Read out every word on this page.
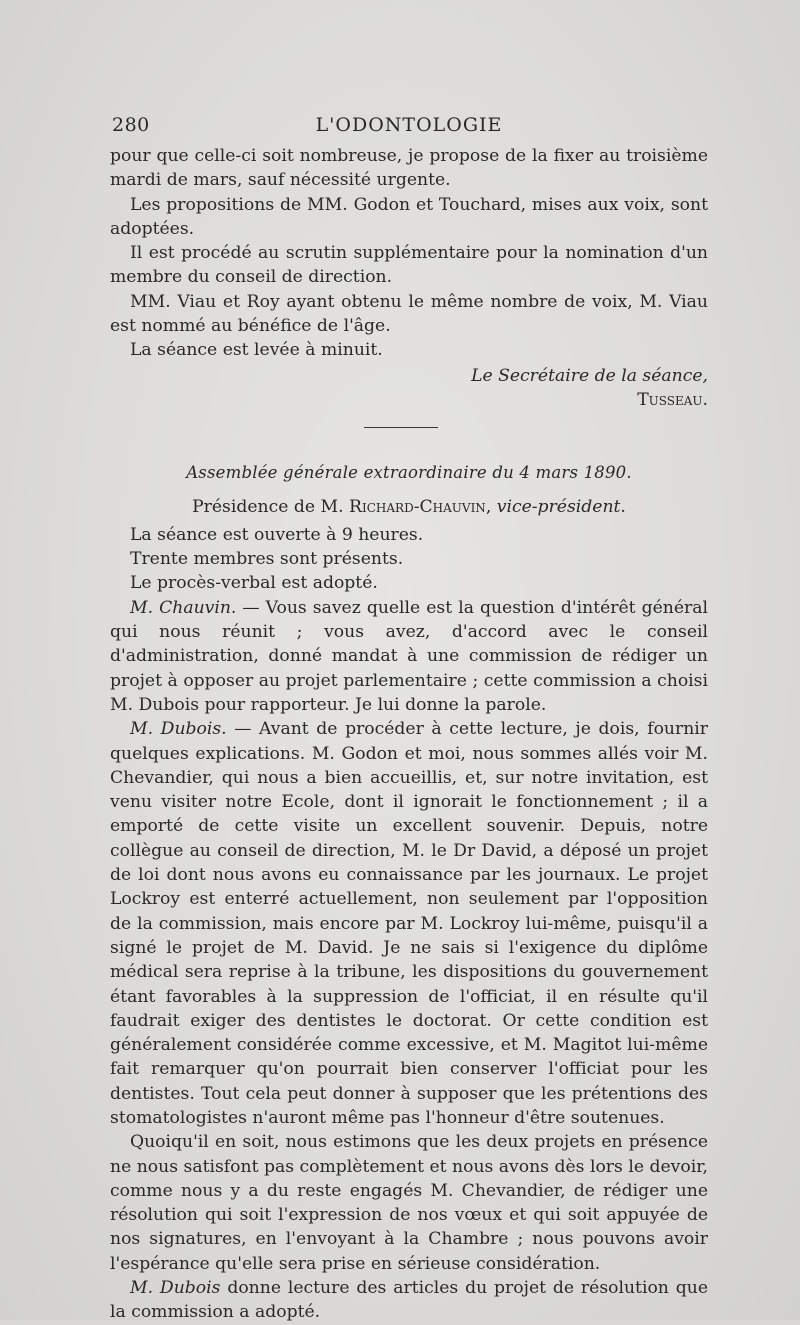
280	L'ODONTOLOGIE

pour que celle-ci soit nombreuse, je propose de la fixer au troisième mardi de mars, sauf nécessité urgente.

Les propositions de MM. Godon et Touchard, mises aux voix, sont adoptées.

Il est procédé au scrutin supplémentaire pour la nomination d'un membre du conseil de direction.

MM. Viau et Roy ayant obtenu le même nombre de voix, M. Viau est nommé au bénéfice de l'âge.

La séance est levée à minuit.

Le Secrétaire de la séance,
Tusseau.
Assemblée générale extraordinaire du 4 mars 1890.
Présidence de M. Richard-Chauvin, vice-président.

La séance est ouverte à 9 heures.

Trente membres sont présents.

Le procès-verbal est adopté.

M. Chauvin. — Vous savez quelle est la question d'intérêt général qui nous réunit ; vous avez, d'accord avec le conseil d'administration, donné mandat à une commission de rédiger un projet à opposer au projet parlementaire ; cette commission a choisi M. Dubois pour rapporteur. Je lui donne la parole.

M. Dubois. — Avant de procéder à cette lecture, je dois, fournir quelques explications. M. Godon et moi, nous sommes allés voir M. Chevandier, qui nous a bien accueillis, et, sur notre invitation, est venu visiter notre Ecole, dont il ignorait le fonctionnement ; il a emporté de cette visite un excellent souvenir. Depuis, notre collègue au conseil de direction, M. le Dr David, a déposé un projet de loi dont nous avons eu connaissance par les journaux. Le projet Lockroy est enterré actuellement, non seulement par l'opposition de la commission, mais encore par M. Lockroy lui-même, puisqu'il a signé le projet de M. David. Je ne sais si l'exigence du diplôme médical sera reprise à la tribune, les dispositions du gouvernement étant favorables à la suppression de l'officiat, il en résulte qu'il faudrait exiger des dentistes le doctorat. Or cette condition est généralement considérée comme excessive, et M. Magitot lui-même fait remarquer qu'on pourrait bien conserver l'officiat pour les dentistes. Tout cela peut donner à supposer que les prétentions des stomatologistes n'auront même pas l'honneur d'être soutenues.

Quoiqu'il en soit, nous estimons que les deux projets en présence ne nous satisfont pas complètement et nous avons dès lors le devoir, comme nous y a du reste engagés M. Chevandier, de rédiger une résolution qui soit l'expression de nos vœux et qui soit appuyée de nos signatures, en l'envoyant à la Chambre ; nous pouvons avoir l'espérance qu'elle sera prise en sérieuse considération.

M. Dubois donne lecture des articles du projet de résolution que la commission a adopté.
